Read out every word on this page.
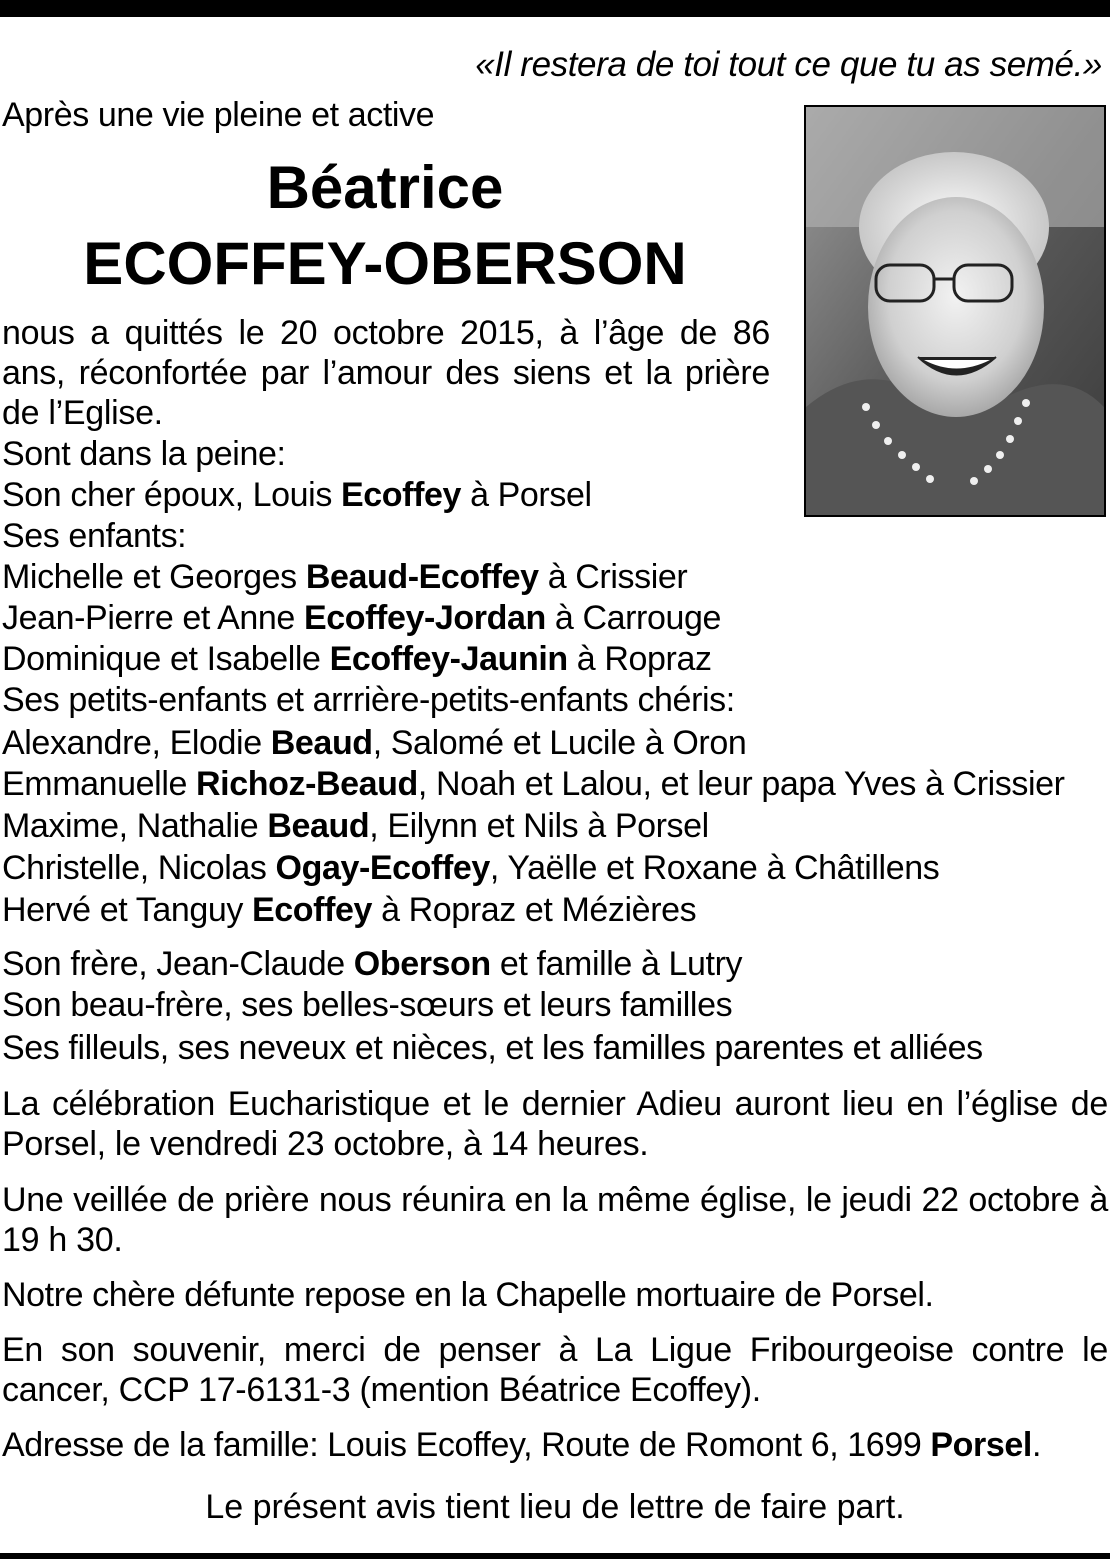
«Il restera de toi tout ce que tu as semé.»
Après une vie pleine et active
Béatrice
ECOFFEY-OBERSON
nous a quittés le 20 octobre 2015, à l’âge de 86 ans, réconfortée par l’amour des siens et la prière de l’Eglise.
Sont dans la peine:
Son cher époux, Louis Ecoffey à Porsel
Ses enfants:
Michelle et Georges Beaud-Ecoffey à Crissier
Jean-Pierre et Anne Ecoffey-Jordan à Carrouge
Dominique et Isabelle Ecoffey-Jaunin à Ropraz
Ses petits-enfants et arrrière-petits-enfants chéris:
Alexandre, Elodie Beaud, Salomé et Lucile à Oron
Emmanuelle Richoz-Beaud, Noah et Lalou, et leur papa Yves à Crissier
Maxime, Nathalie Beaud, Eilynn et Nils à Porsel
Christelle, Nicolas Ogay-Ecoffey, Yaëlle et Roxane à Châtillens
Hervé et Tanguy Ecoffey à Ropraz et Mézières
Son frère, Jean-Claude Oberson et famille à Lutry
Son beau-frère, ses belles-sœurs et leurs familles
Ses filleuls, ses neveux et nièces, et les familles parentes et alliées
La célébration Eucharistique et le dernier Adieu auront lieu en l’église de Porsel, le vendredi 23 octobre, à 14 heures.
Une veillée de prière nous réunira en la même église, le jeudi 22 octobre à 19 h 30.
Notre chère défunte repose en la Chapelle mortuaire de Porsel.
En son souvenir, merci de penser à La Ligue Fribourgeoise contre le cancer, CCP 17-6131-3 (mention Béatrice Ecoffey).
Adresse de la famille: Louis Ecoffey, Route de Romont 6, 1699 Porsel.
Le présent avis tient lieu de lettre de faire part.
